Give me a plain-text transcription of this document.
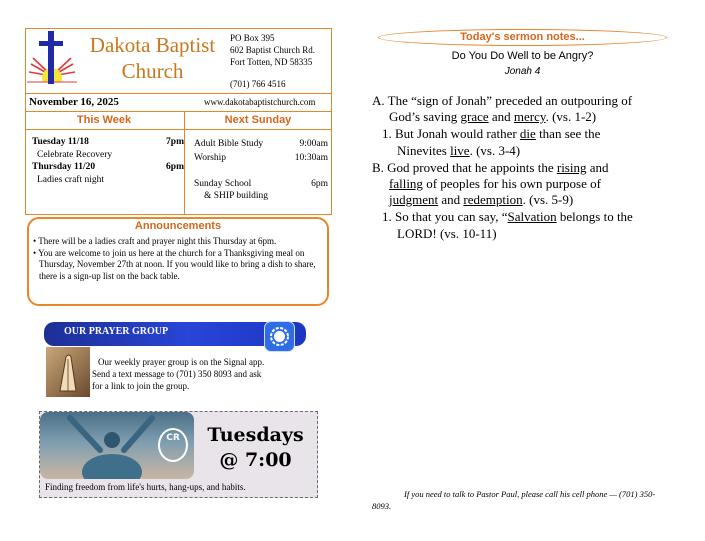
Dakota Baptist Church
PO Box 395
602 Baptist Church Rd.
Fort Totten, ND 58335
(701) 766 4516
November 16, 2025	www.dakotabaptistchurch.com
This Week	Next Sunday
Tuesday 11/18	7pm
Celebrate Recovery
Thursday 11/20	6pm
Ladies craft night
Adult Bible Study	9:00am
Worship	10:30am
Sunday School	6pm
& SHIP building
Announcements
• There will be a ladies craft and prayer night this Thursday at 6pm.
• You are welcome to join us here at the church for a Thanksgiving meal on Thursday, November 27th at noon. If you would like to bring a dish to share, there is a sign-up list on the back table.
OUR PRAYER GROUP
Our weekly prayer group is on the Signal app.
Send a text message to (701) 350 8093 and ask
for a link to join the group.
CR	Tuesdays
@ 7:00
Finding freedom from life's hurts, hang-ups, and habits.
Today's sermon notes...
Do You Do Well to be Angry?
Jonah 4
A. The “sign of Jonah” preceded an outpouring of
God’s saving grace and mercy. (vs. 1-2)
1. But Jonah would rather die than see the
Ninevites live. (vs. 3-4)
B. God proved that he appoints the rising and
falling of peoples for his own purpose of
judgment and redemption. (vs. 5-9)
1. So that you can say, “Salvation belongs to the
LORD! (vs. 10-11)
If you need to talk to Pastor Paul, please call his cell phone — (701) 350-8093.
